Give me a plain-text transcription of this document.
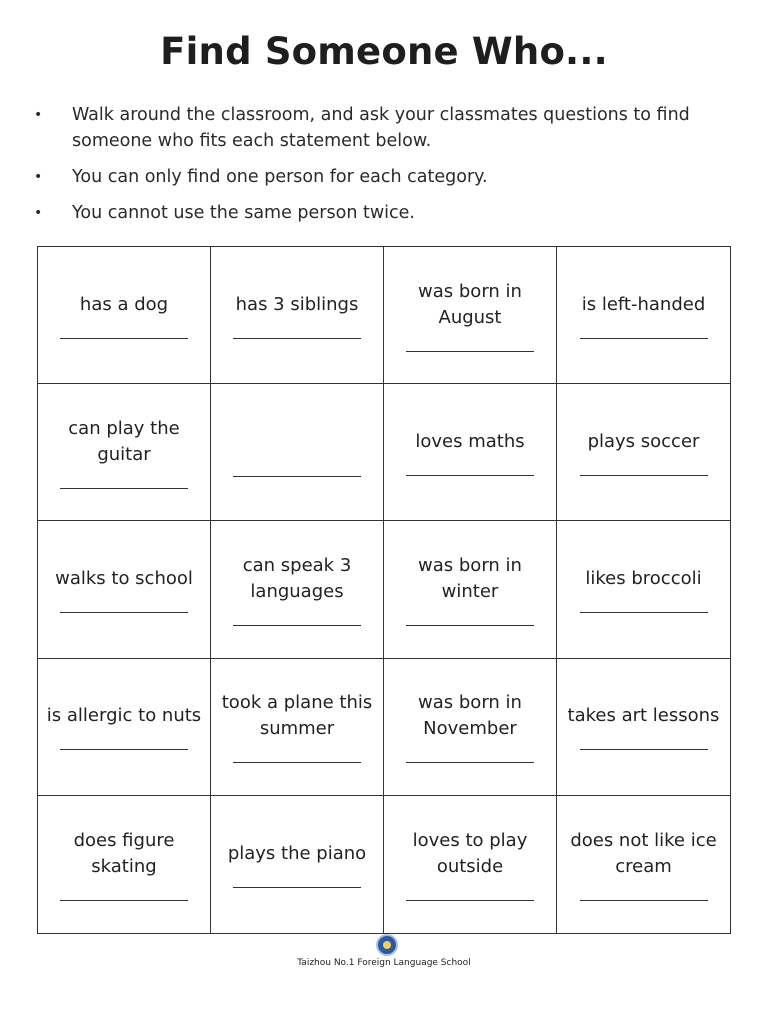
Find Someone Who...
• Walk around the classroom, and ask your classmates questions to find someone who fits each statement below.
• You can only find one person for each category.
• You cannot use the same person twice.
has a dog	has 3 siblings
was born in August
is left-handed
can play the guitar
loves maths	plays soccer
walks to school
can speak 3 languages
was born in winter
likes broccoli
is allergic to nuts
took a plane this summer
was born in November
takes art lessons
does figure skating
plays the piano
loves to play outside
does not like ice cream
Taizhou No.1 Foreign Language School
